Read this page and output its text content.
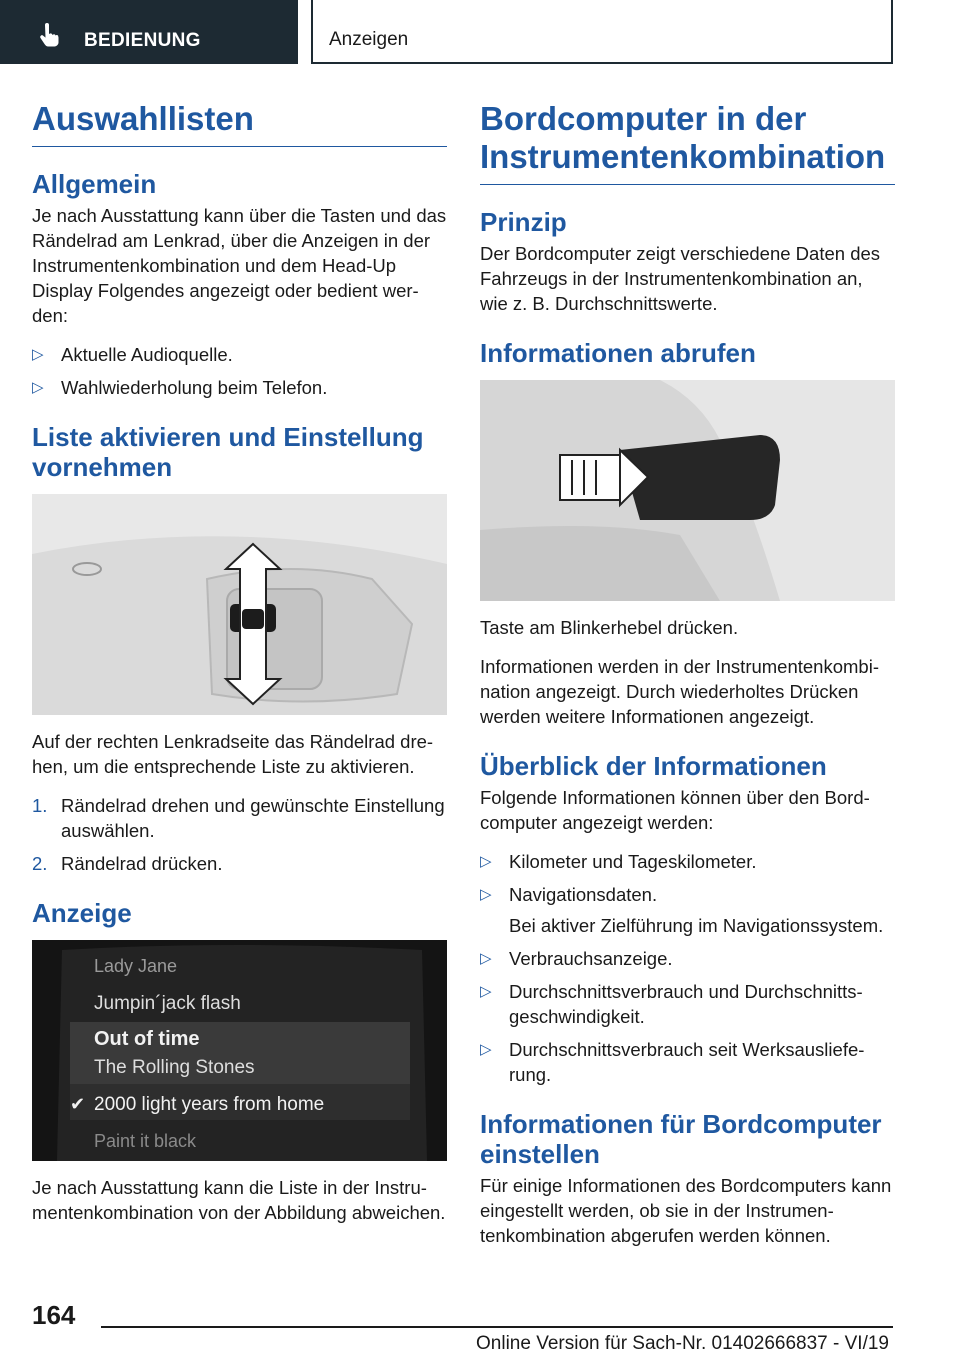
BEDIENUNG	Anzeigen
Auswahllisten
Allgemein

Je nach Ausstattung kann über die Tasten und das Rändelrad am Lenkrad, über die Anzeigen in der Instrumentenkombination und dem Head-Up Display Folgendes angezeigt oder bedient werden:

▷ Aktuelle Audioquelle.
▷ Wahlwiederholung beim Telefon.
Liste aktivieren und Einstellung vornehmen

Auf der rechten Lenkradseite das Rändelrad drehen, um die entsprechende Liste zu aktivieren.

1. Rändelrad drehen und gewünschte Einstellung auswählen.
2. Rändelrad drücken.
Anzeige
Lady Jane
Jumpin´jack flash
Out of time
The Rolling Stones
✔ 2000 light years from home
Paint it black

Je nach Ausstattung kann die Liste in der Instrumentenkombination von der Abbildung abweichen.

Bordcomputer in der Instrumentenkombination
Prinzip

Der Bordcomputer zeigt verschiedene Daten des Fahrzeugs in der Instrumentenkombination an, wie z. B. Durchschnittswerte.

Informationen abrufen

Taste am Blinkerhebel drücken.

Informationen werden in der Instrumentenkombination angezeigt. Durch wiederholtes Drücken werden weitere Informationen angezeigt.

Überblick der Informationen

Folgende Informationen können über den Bordcomputer angezeigt werden:

▷ Kilometer und Tageskilometer.
▷ Navigationsdaten.
Bei aktiver Zielführung im Navigationssystem.
▷ Verbrauchsanzeige.
▷ Durchschnittsverbrauch und Durchschnittsgeschwindigkeit.
▷ Durchschnittsverbrauch seit Werksauslieferung.
Informationen für Bordcomputer einstellen

Für einige Informationen des Bordcomputers kann eingestellt werden, ob sie in der Instrumentenkombination abgerufen werden können.

164
Online Version für Sach-Nr. 01402666837 - VI/19
